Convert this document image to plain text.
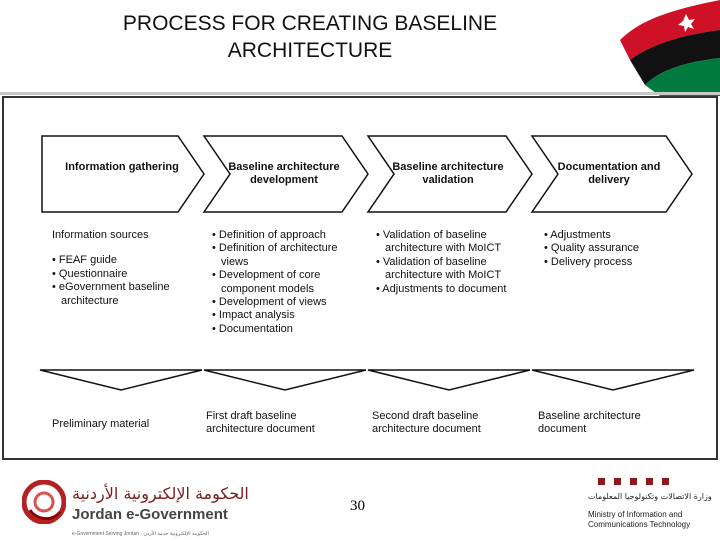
PROCESS FOR CREATING BASELINE ARCHITECTURE
Information gathering	Baseline architecture development
Baseline architecture validation
Documentation and delivery
Information sources
• FEAF guide
• Questionnaire
• eGovernment baseline architecture
• Definition of approach
• Definition of architecture views
• Development of core component models
• Development of views
• Impact analysis
• Documentation
• Validation of baseline architecture with MoICT
• Validation of baseline architecture with MoICT
• Adjustments to document
• Adjustments
• Quality assurance
• Delivery process
Preliminary material
First draft baseline architecture document
Second draft baseline architecture document
Baseline architecture document
الحكومة الإلكترونية الأردنية
Jordan e-Government
e-Government Serving Jordan · الحكومة الإلكترونية خدمة الأردن
30
وزارة الاتصالات وتكنولوجيا المعلومات
Ministry of Information and Communications Technology
